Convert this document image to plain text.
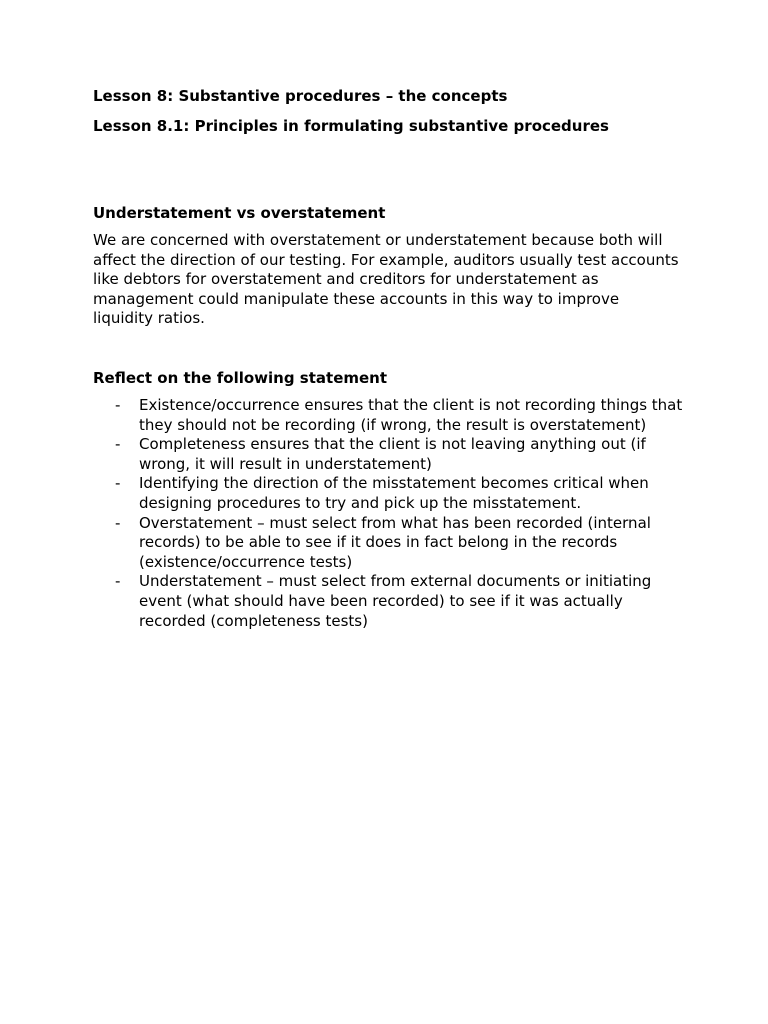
Lesson 8: Substantive procedures – the concepts

Lesson 8.1: Principles in formulating substantive procedures

Understatement vs overstatement

We are concerned with overstatement or understatement because both will affect the direction of our testing. For example, auditors usually test accounts like debtors for overstatement and creditors for understatement as management could manipulate these accounts in this way to improve liquidity ratios.

Reflect on the following statement

- Existence/occurrence ensures that the client is not recording things that they should not be recording (if wrong, the result is overstatement)
- Completeness ensures that the client is not leaving anything out (if wrong, it will result in understatement)
- Identifying the direction of the misstatement becomes critical when designing procedures to try and pick up the misstatement.
- Overstatement – must select from what has been recorded (internal records) to be able to see if it does in fact belong in the records (existence/occurrence tests)
- Understatement – must select from external documents or initiating event (what should have been recorded) to see if it was actually recorded (completeness tests)
